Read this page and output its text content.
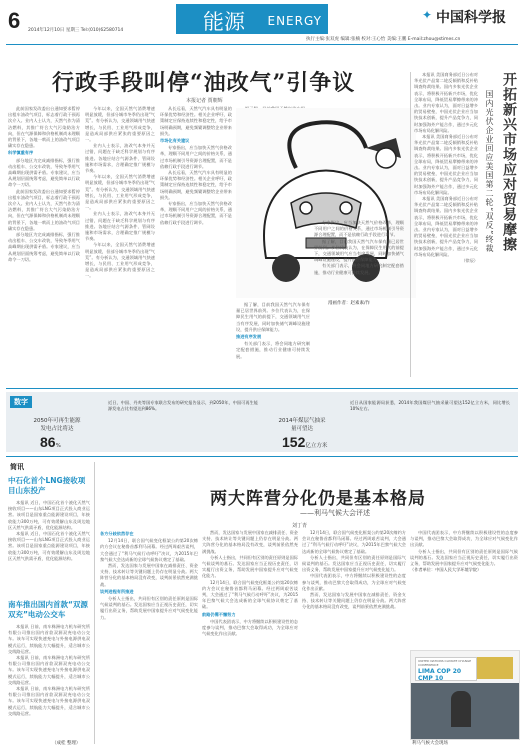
6 2014年12月10日 星期三 Tel:(010)62580714	能源	ENERGY	✦ 中国科学报
执行主编:张双虎 编辑:张楠 校对:王心怡 美编:王鹏 E-mail:zhou@stimes.cn
行政手段叫停“油改气”引争议
本报记者 贾朝辉
此前国家发改委出台通知要求暂停出租车油改气项目，标志着行政干预再次介入。业内人士认为，天然气作为清洁燃料，其推广符合大气污染防治方向，但在气源保障和价格机制尚未理顺的背景下，各地一哄而上的油改气项目确实存在隐患。
科学慎重有序
部分地区为完成减排指标，强行推动出租车、公交车改装，导致冬季用气高峰期出现供需矛盾。专家建议，应当从规划层面统筹考虑，避免简单以行政命令一刀切。
此前国家发改委出台通知要求暂停出租车油改气项目，标志着行政干预再次介入。业内人士认为，天然气作为清洁燃料，其推广符合大气污染防治方向，但在气源保障和价格机制尚未理顺的背景下，各地一哄而上的油改气项目确实存在隐患。
部分地区为完成减排指标，强行推动出租车、公交车改装，导致冬季用气高峰期出现供需矛盾。专家建议，应当从规划层面统筹考虑，避免简单以行政命令一刀切。
今年以来，全国天然气消费增速明显放缓，但部分城市冬季仍出现“气荒”。有分析认为，交通领域用气快速增长，与民用、工业用气形成竞争，是造成局部供应紧张的重要原因之一。
业内人士表示，油改气本身并无过错，问题在于缺乏科学规划与有序推进。各地应结合气源条件、管网设施和市场需求，合理确定推广规模与节奏。
今年以来，全国天然气消费增速明显放缓，但部分城市冬季仍出现“气荒”。有分析认为，交通领域用气快速增长，与民用、工业用气形成竞争，是造成局部供应紧张的重要原因之一。
业内人士表示，油改气本身并无过错，问题在于缺乏科学规划与有序推进。各地应结合气源条件、管网设施和市场需求，合理确定推广规模与节奏。
今年以来，全国天然气消费增速明显放缓，但部分城市冬季仍出现“气荒”。有分析认为，交通领域用气快速增长，与民用、工业用气形成竞争，是造成局部供应紧张的重要原因之一。
从长远看，天然气汽车具有明显的环保优势和经济性。相关企业呼吁，政策制定应保持连续性和稳定性，给予市场明确预期，避免频繁调整给企业带来损失。
市场化有关建议
专家指出，应当加快天然气价格改革，理顺不同用户之间的价格关系，通过市场机制引导资源合理配置，而不是依赖行政手段进行调节。
从长远看，天然气汽车具有明显的环保优势和经济性。相关企业呼吁，政策制定应保持连续性和稳定性，给予市场明确预期，避免频繁调整给企业带来损失。
专家指出，应当加快天然气价格改革，理顺不同用户之间的价格关系，通过市场机制引导资源合理配置，而不是依赖行政手段进行调节。
漫画作者：赵素素/作
据了解，目前我国天然气汽车保有量已居世界前列。多位代表认为，在保障民生用气的前提下，交通领域用气应当有序发展，同时加快储气调峰设施建设，提升供应保障能力。
推进有序发展
有关部门表示，将会同地方研究制定配套措施，推动行业健康可持续发展。
专家指出，应当加快天然气价格改革，理顺不同用户之间的价格关系，通过市场机制引导资源合理配置，而不是依赖行政手段进行调节。
据了解，目前我国天然气汽车保有量已居世界前列。多位代表认为，在保障民生用气的前提下，交通领域用气应当有序发展，同时加快储气调峰设施建设，提升供应保障能力。
有关部门表示，将会同地方研究制定配套措施，推动行业健康可持续发展。
本报讯 美国商务部近日公布对华光伏产品第二轮反倾销和反补贴调查终裁结果。国内多家光伏企业表示，将积极开拓新兴市场，优化全球布局，降低贸易摩擦带来的冲击。业内专家认为，面对日益增多的贸易壁垒，中国光伏企业应当加快技术创新，提升产品竞争力，同时加强海外产能合作，通过多元化市场布局化解风险。
本报讯 美国商务部近日公布对华光伏产品第二轮反倾销和反补贴调查终裁结果。国内多家光伏企业表示，将积极开拓新兴市场，优化全球布局，降低贸易摩擦带来的冲击。业内专家认为，面对日益增多的贸易壁垒，中国光伏企业应当加快技术创新，提升产品竞争力，同时加强海外产能合作，通过多元化市场布局化解风险。
本报讯 美国商务部近日公布对华光伏产品第二轮反倾销和反补贴调查终裁结果。国内多家光伏企业表示，将积极开拓新兴市场，优化全球布局，降低贸易摩擦带来的冲击。业内专家认为，面对日益增多的贸易壁垒，中国光伏企业应当加快技术创新，提升产品竞争力，同时加强海外产能合作，通过多元化市场布局化解风险。
（徐辰）
开拓新兴市场应对贸易摩擦
国内光伏企业回应美国第二轮“双反”终裁
数字
2050年可再生能源发电占比将达
86%
近日，中国、丹麦等国专家联合发布的研究报告显示，到2050年，中国可再生能源发电占比有望达到86%。
2014年煤层气抽采量可望达
152亿立方米
近日从国家能源局获悉，2014年我国煤层气抽采量可望达152亿立方米，同比增长10%左右。
简讯
中石化首个LNG接收项目山东投产
本报讯 近日，中国石化首个液化天然气接收项目——山东LNG项目正式投入商业运营。该项目是国家重点能源建设项目，年接收能力300万吨，可有效缓解山东及周边地区天然气供需矛盾，优化能源结构。
本报讯 近日，中国石化首个液化天然气接收项目——山东LNG项目正式投入商业运营。该项目是国家重点能源建设项目，年接收能力300万吨，可有效缓解山东及周边地区天然气供需矛盾，优化能源结构。
南车推出国内首款“双源双充”电动公交车
本报讯 日前，南车株洲电力机车研究所有限公司推出国内首款双源双充电动公交车。该车可实现快速充电与外接电源供电双模式运行，续航能力大幅提升，适合城市公交线路运营。
本报讯 日前，南车株洲电力机车研究所有限公司推出国内首款双源双充电动公交车。该车可实现快速充电与外接电源供电双模式运行，续航能力大幅提升，适合城市公交线路运营。
本报讯 日前，南车株洲电力机车研究所有限公司推出国内首款双源双充电动公交车。该车可实现快速充电与外接电源供电双模式运行，续航能力大幅提升，适合城市公交线路运营。
（成桂 整理）
两大阵营分化仍是基本格局
——利马气候大会评述
刘丁青
各方分歧依然存在
12月14日，联合国气候变化框架公约第20次缔约方会议在秘鲁首都利马闭幕。经过两周艰苦谈判，大会通过了“利马气候行动呼吁”决议，为2015年巴黎气候大会达成新的全球气候协议奠定了基础。
然而，发达国家与发展中国家在减排责任、资金支持、技术转让等关键问题上仍存在明显分歧。两大阵营分化的基本格局没有改变，谈判前景依然充满挑战。
谈判进程有所推进
分析人士指出，共同但有区别的责任原则是国际气候谈判的基石。发达国家应当正视历史责任，切实履行出资义务，帮助发展中国家提升应对气候变化能力。
然而，发达国家与发展中国家在减排责任、资金支持、技术转让等关键问题上仍存在明显分歧。两大阵营分化的基本格局没有改变，谈判前景依然充满挑战。
分析人士指出，共同但有区别的责任原则是国际气候谈判的基石。发达国家应当正视历史责任，切实履行出资义务，帮助发展中国家提升应对气候变化能力。
12月14日，联合国气候变化框架公约第20次缔约方会议在秘鲁首都利马闭幕。经过两周艰苦谈判，大会通过了“利马气候行动呼吁”决议，为2015年巴黎气候大会达成新的全球气候协议奠定了基础。
前路仍需不懈努力
中国代表团表示，中方将继续以积极建设性的态度参与谈判，推动巴黎大会取得成功，为全球应对气候变化作出贡献。
12月14日，联合国气候变化框架公约第20次缔约方会议在秘鲁首都利马闭幕。经过两周艰苦谈判，大会通过了“利马气候行动呼吁”决议，为2015年巴黎气候大会达成新的全球气候协议奠定了基础。
分析人士指出，共同但有区别的责任原则是国际气候谈判的基石。发达国家应当正视历史责任，切实履行出资义务，帮助发展中国家提升应对气候变化能力。
中国代表团表示，中方将继续以积极建设性的态度参与谈判，推动巴黎大会取得成功，为全球应对气候变化作出贡献。
然而，发达国家与发展中国家在减排责任、资金支持、技术转让等关键问题上仍存在明显分歧。两大阵营分化的基本格局没有改变，谈判前景依然充满挑战。
中国代表团表示，中方将继续以积极建设性的态度参与谈判，推动巴黎大会取得成功，为全球应对气候变化作出贡献。
分析人士指出，共同但有区别的责任原则是国际气候谈判的基石。发达国家应当正视历史责任，切实履行出资义务，帮助发展中国家提升应对气候变化能力。
（作者单位：中国人民大学环境学院）
UNITED NATIONS CLIMATE CHANGE CONFERENCE
LIMA COP 20 CMP 10
利马气候大会现场
